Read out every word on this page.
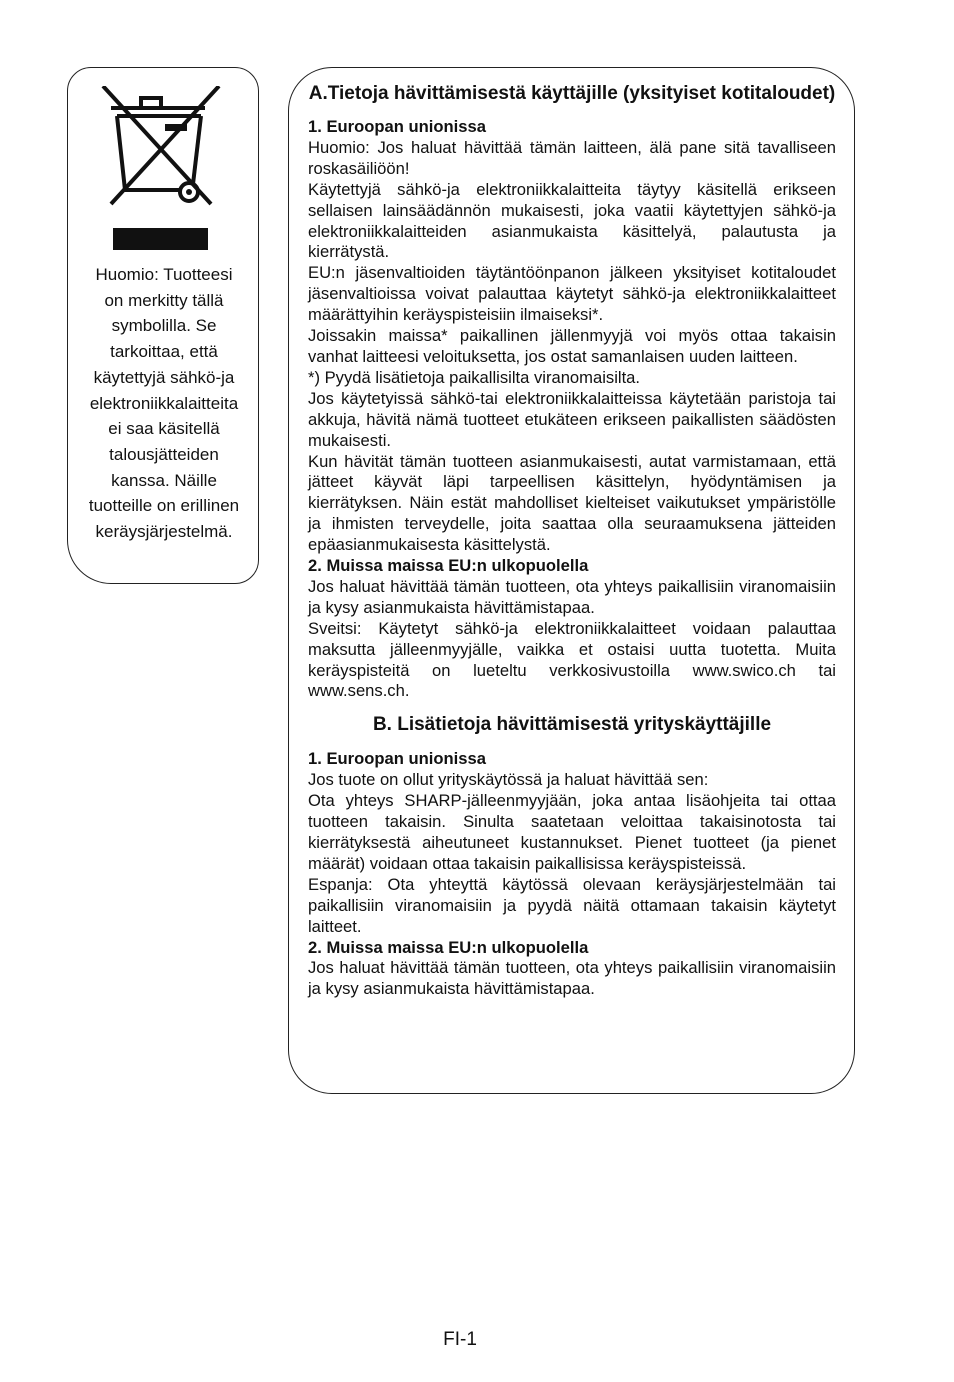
Huomio: Tuotteesi on merkitty tällä symbolilla. Se tarkoittaa, että käytettyjä sähkö-ja elektroniikkalaitteita ei saa käsitellä talousjätteiden kanssa. Näille tuotteille on erillinen keräysjärjestelmä.

A.Tietoja hävittämisestä käyttäjille (yksityiset kotitaloudet)
1. Euroopan unionissa

Huomio: Jos haluat hävittää tämän laitteen, älä pane sitä tavalliseen roskasäiliöön!

Käytettyjä sähkö-ja elektroniikkalaitteita täytyy käsitellä erikseen sellaisen lainsäädännön mukaisesti, joka vaatii käytettyjen sähkö-ja elektroniikkalaitteiden asianmukaista käsittelyä, palautusta ja kierrätystä.

EU:n jäsenvaltioiden täytäntöönpanon jälkeen yksityiset kotitaloudet jäsenvaltioissa voivat palauttaa käytetyt sähkö-ja elektroniikkalaitteet määrättyihin keräyspisteisiin ilmaiseksi*.

Joissakin maissa* paikallinen jällenmyyjä voi myös ottaa takaisin vanhat laitteesi veloituksetta, jos ostat samanlaisen uuden laitteen.

*) Pyydä lisätietoja paikallisilta viranomaisilta.

Jos käytetyissä sähkö-tai elektroniikkalaitteissa käytetään paristoja tai akkuja, hävitä nämä tuotteet etukäteen erikseen paikallisten säädösten mukaisesti.

Kun hävität tämän tuotteen asianmukaisesti, autat varmistamaan, että jätteet käyvät läpi tarpeellisen käsittelyn, hyödyntämisen ja kierrätyksen. Näin estät mahdolliset kielteiset vaikutukset ympäristölle ja ihmisten terveydelle, joita saattaa olla seuraamuksena jätteiden epäasianmukaisesta käsittelystä.

2. Muissa maissa EU:n ulkopuolella

Jos haluat hävittää tämän tuotteen, ota yhteys paikallisiin viranomaisiin ja kysy asianmukaista hävittämistapaa.

Sveitsi: Käytetyt sähkö-ja elektroniikkalaitteet voidaan palauttaa maksutta jälleenmyyjälle, vaikka et ostaisi uutta tuotetta. Muita keräyspisteitä on lueteltu verkkosivustoilla www.​swico.ch tai www.sens.ch.

B. Lisätietoja hävittämisestä yrityskäyttäjille
1. Euroopan unionissa

Jos tuote on ollut yrityskäytössä ja haluat hävittää sen:

Ota yhteys SHARP-jälleenmyyjään, joka antaa lisäohjeita tai ottaa tuotteen takaisin. Sinulta saatetaan veloittaa takaisinotosta tai kierrätyksestä aiheutuneet kustannukset. Pienet tuotteet (ja pienet määrät) voidaan ottaa takaisin paikallisissa keräyspisteissä.

Espanja: Ota yhteyttä käytössä olevaan keräysjärjestelmään tai paikallisiin viranomaisiin ja pyydä näitä ottamaan takaisin käytetyt laitteet.

2. Muissa maissa EU:n ulkopuolella

Jos haluat hävittää tämän tuotteen, ota yhteys paikallisiin viranomaisiin ja kysy asianmukaista hävittämistapaa.

FI-1
